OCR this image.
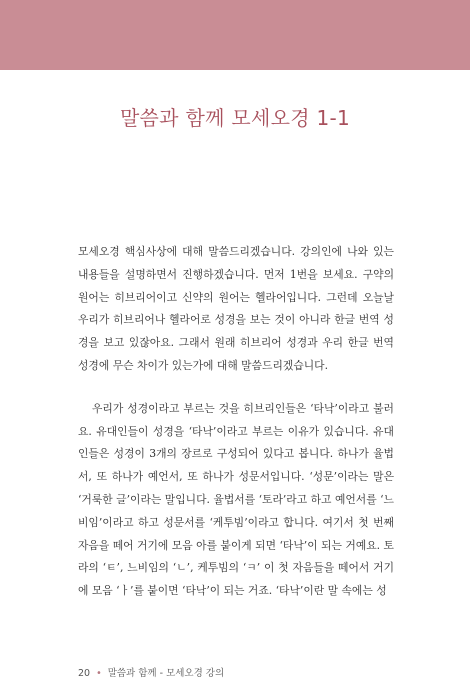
말씀과 함께 모세오경 1-1

모세오경 핵심사상에 대해 말씀드리겠습니다. 강의인에 나와 있는 내용들을 설명하면서 진행하겠습니다. 먼저 1번을 보세요. 구약의 원어는 히브리어이고 신약의 원어는 헬라어입니다. 그런데 오늘날 우리가 히브리어나 헬라어로 성경을 보는 것이 아니라 한글 번역 성경을 보고 있잖아요. 그래서 원래 히브리어 성경과 우리 한글 번역 성경에 무슨 차이가 있는가에 대해 말씀드리겠습니다.

우리가 성경이라고 부르는 것을 히브리인들은 ‘타낙’이라고 불러요. 유대인들이 성경을 ‘타낙’이라고 부르는 이유가 있습니다. 유대인들은 성경이 3개의 장르로 구성되어 있다고 봅니다. 하나가 율법서, 또 하나가 예언서, 또 하나가 성문서입니다. ‘성문’이라는 말은 ‘거룩한 글’이라는 말입니다. 율법서를 ‘토라’라고 하고 예언서를 ‘느비임’이라고 하고 성문서를 ‘케투빔’이라고 합니다. 여기서 첫 번째 자음을 떼어 거기에 모음 아를 붙이게 되면 ‘타낙’이 되는 거예요. 토라의 ‘ㅌ’, 느비임의 ‘ㄴ’, 케투빔의 ‘ㅋ’ 이 첫 자음들을 떼어서 거기에 모음 ‘ㅏ’를 붙이면 ‘타낙’이 되는 거죠. ‘타낙’이란 말 속에는 성

20 • 말씀과 함께 - 모세오경 강의
